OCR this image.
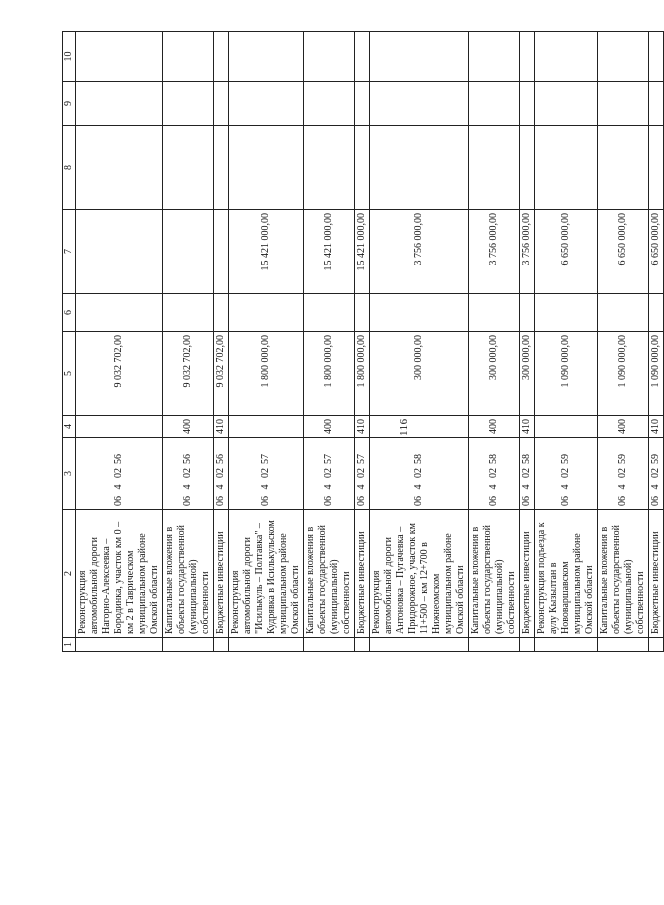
116
1	2	3	4	5	6	7	8	9	10
	Реконструкция автомобильной дороги Нагорно-Алексеевка – Бородинка, участок км 0 – км 2 в Таврическом муниципальном районе Омской области	0640256		9 032 702,00					
	Капитальные вложения в объекты государственной (муниципальной) собственности	0640256	400	9 032 702,00					
	Бюджетные инвестиции	0640256	410	9 032 702,00					
	Реконструкция автомобильной дороги "Исилькуль – Полтавка" – Кудрявка в Исилькульском муниципальном районе Омской области	0640257		1 800 000,00		15 421 000,00			
	Капитальные вложения в объекты государственной (муниципальной) собственности	0640257	400	1 800 000,00		15 421 000,00			
	Бюджетные инвестиции	0640257	410	1 800 000,00		15 421 000,00			
	Реконструкция автомобильной дороги Антоновка – Пугачевка – Придорожное, участок км 11+500 – км 12+700 в Нижнеомском муниципальном районе Омской области	0640258		300 000,00		3 756 000,00			
	Капитальные вложения в объекты государственной (муниципальной) собственности	0640258	400	300 000,00		3 756 000,00			
	Бюджетные инвестиции	0640258	410	300 000,00		3 756 000,00			
	Реконструкция подъезда к аулу Кызылтан в Нововаршавском муниципальном районе Омской области	0640259		1 090 000,00		6 650 000,00			
	Капитальные вложения в объекты государственной (муниципальной) собственности	0640259	400	1 090 000,00		6 650 000,00			
	Бюджетные инвестиции	0640259	410	1 090 000,00		6 650 000,00			
